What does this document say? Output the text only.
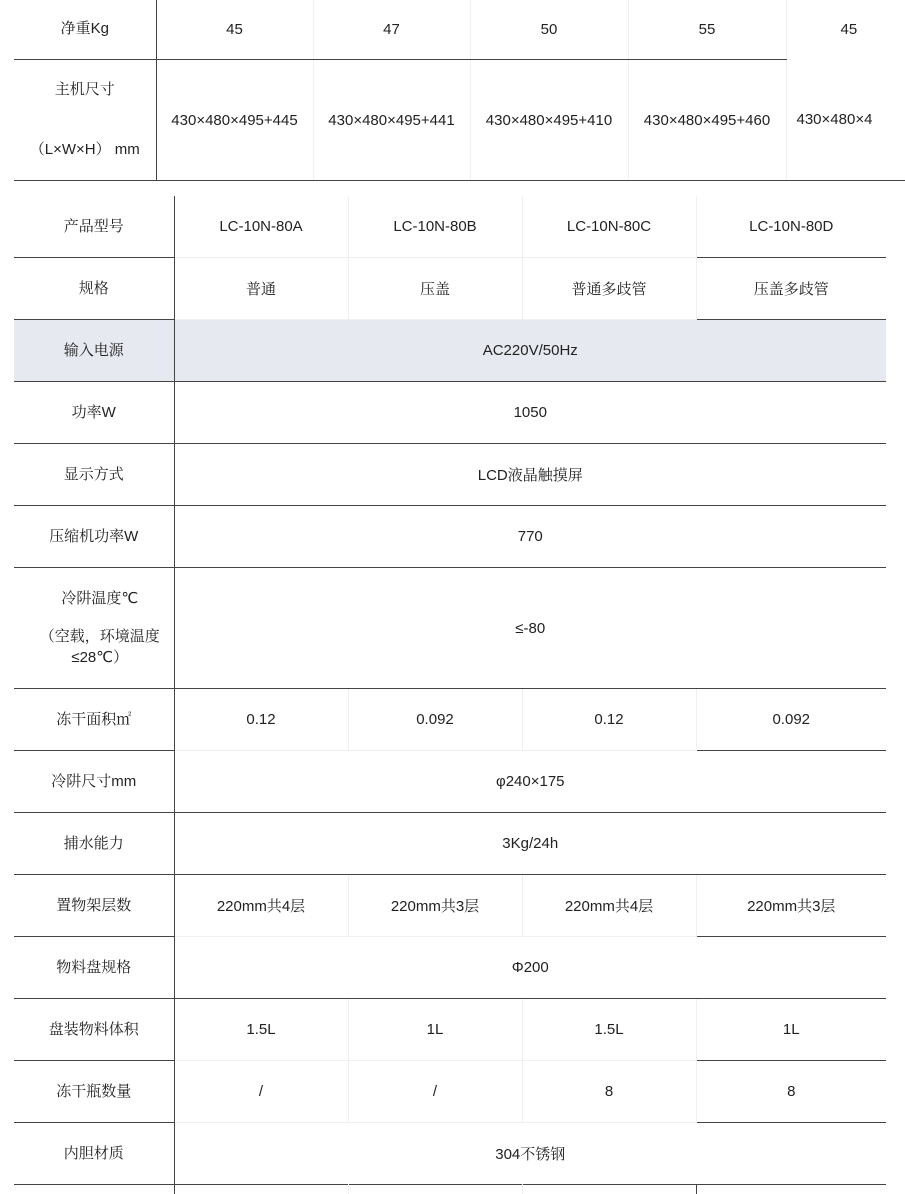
净重Kg	45	47	50	55	45

主机尺寸
（L×W×H） mm	430×480×495+445	430×480×495+441	430×480×495+410	430×480×495+460	430×480×4
产品型号	LC-10N-80A	LC-10N-80B	LC-10N-80C	LC-10N-80D
规格	普通	压盖	普通多歧管	压盖多歧管
输入电源	AC220V/50Hz			
功率W	1050			
显示方式	LCD液晶触摸屏			
压缩机功率W	770			

冷阱温度℃
（空载，环境温度≤28℃）	≤-80			
冻干面积㎡	0.12	0.092	0.12	0.092
冷阱尺寸mm	φ240×175			
捕水能力	3Kg/24h			
置物架层数	220mm共4层	220mm共3层	220mm共4层	220mm共3层
物料盘规格	Φ200			
盘装物料体积	1.5L	1L	1.5L	1L
冻干瓶数量	/	/	8	8
内胆材质	304不锈钢			
